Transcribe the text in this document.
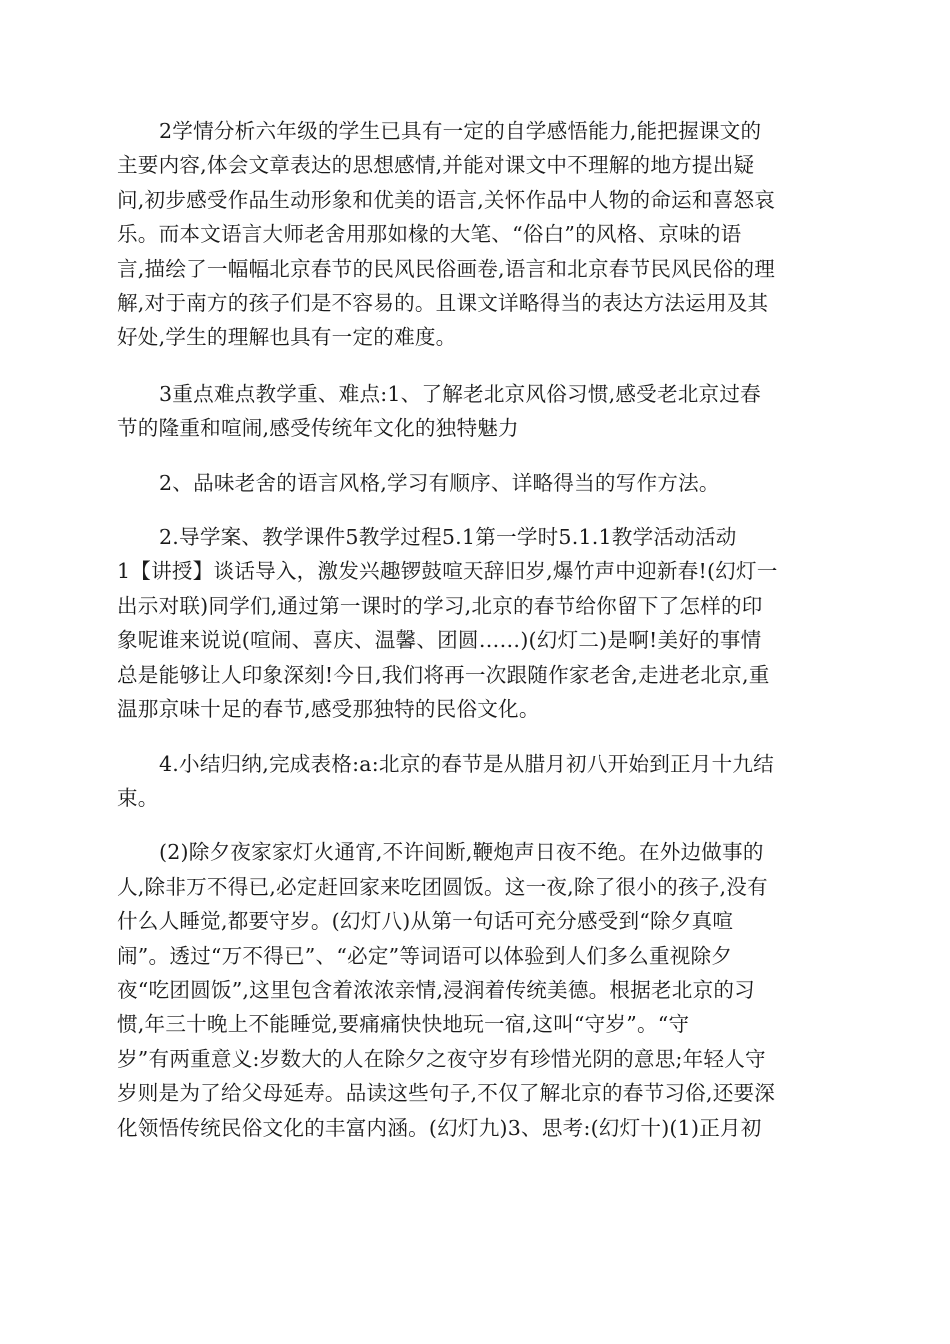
2学情分析六年级的学生已具有一定的自学感悟能力,能把握课文的
主要内容,体会文章表达的思想感情,并能对课文中不理解的地方提出疑
问,初步感受作品生动形象和优美的语言,关怀作品中人物的命运和喜怒哀
乐。而本文语言大师老舍用那如椽的大笔、“俗白”的风格、京味的语
言,描绘了一幅幅北京春节的民风民俗画卷,语言和北京春节民风民俗的理
解,对于南方的孩子们是不容易的。且课文详略得当的表达方法运用及其
好处,学生的理解也具有一定的难度。

3重点难点教学重、难点:1、了解老北京风俗习惯,感受老北京过春
节的隆重和喧闹,感受传统年文化的独特魅力

2、品味老舍的语言风格,学习有顺序、详略得当的写作方法。

2.导学案、教学课件5教学过程5.1第一学时5.1.1教学活动活动
1【讲授】谈话导入，激发兴趣锣鼓喧天辞旧岁,爆竹声中迎新春!(幻灯一
出示对联)同学们,通过第一课时的学习,北京的春节给你留下了怎样的印
象呢谁来说说(喧闹、喜庆、温馨、团圆……)(幻灯二)是啊!美好的事情
总是能够让人印象深刻!今日,我们将再一次跟随作家老舍,走进老北京,重
温那京味十足的春节,感受那独特的民俗文化。

4.小结归纳,完成表格:a:北京的春节是从腊月初八开始到正月十九结
束。

(2)除夕夜家家灯火通宵,不许间断,鞭炮声日夜不绝。在外边做事的
人,除非万不得已,必定赶回家来吃团圆饭。这一夜,除了很小的孩子,没有
什么人睡觉,都要守岁。(幻灯八)从第一句话可充分感受到“除夕真喧
闹”。透过“万不得已”、“必定”等词语可以体验到人们多么重视除夕
夜“吃团圆饭”,这里包含着浓浓亲情,浸润着传统美德。根据老北京的习
惯,年三十晚上不能睡觉,要痛痛快快地玩一宿,这叫“守岁”。“守
岁”有两重意义:岁数大的人在除夕之夜守岁有珍惜光阴的意思;年轻人守
岁则是为了给父母延寿。品读这些句子,不仅了解北京的春节习俗,还要深
化领悟传统民俗文化的丰富内涵。(幻灯九)3、思考:(幻灯十)(1)正月初
